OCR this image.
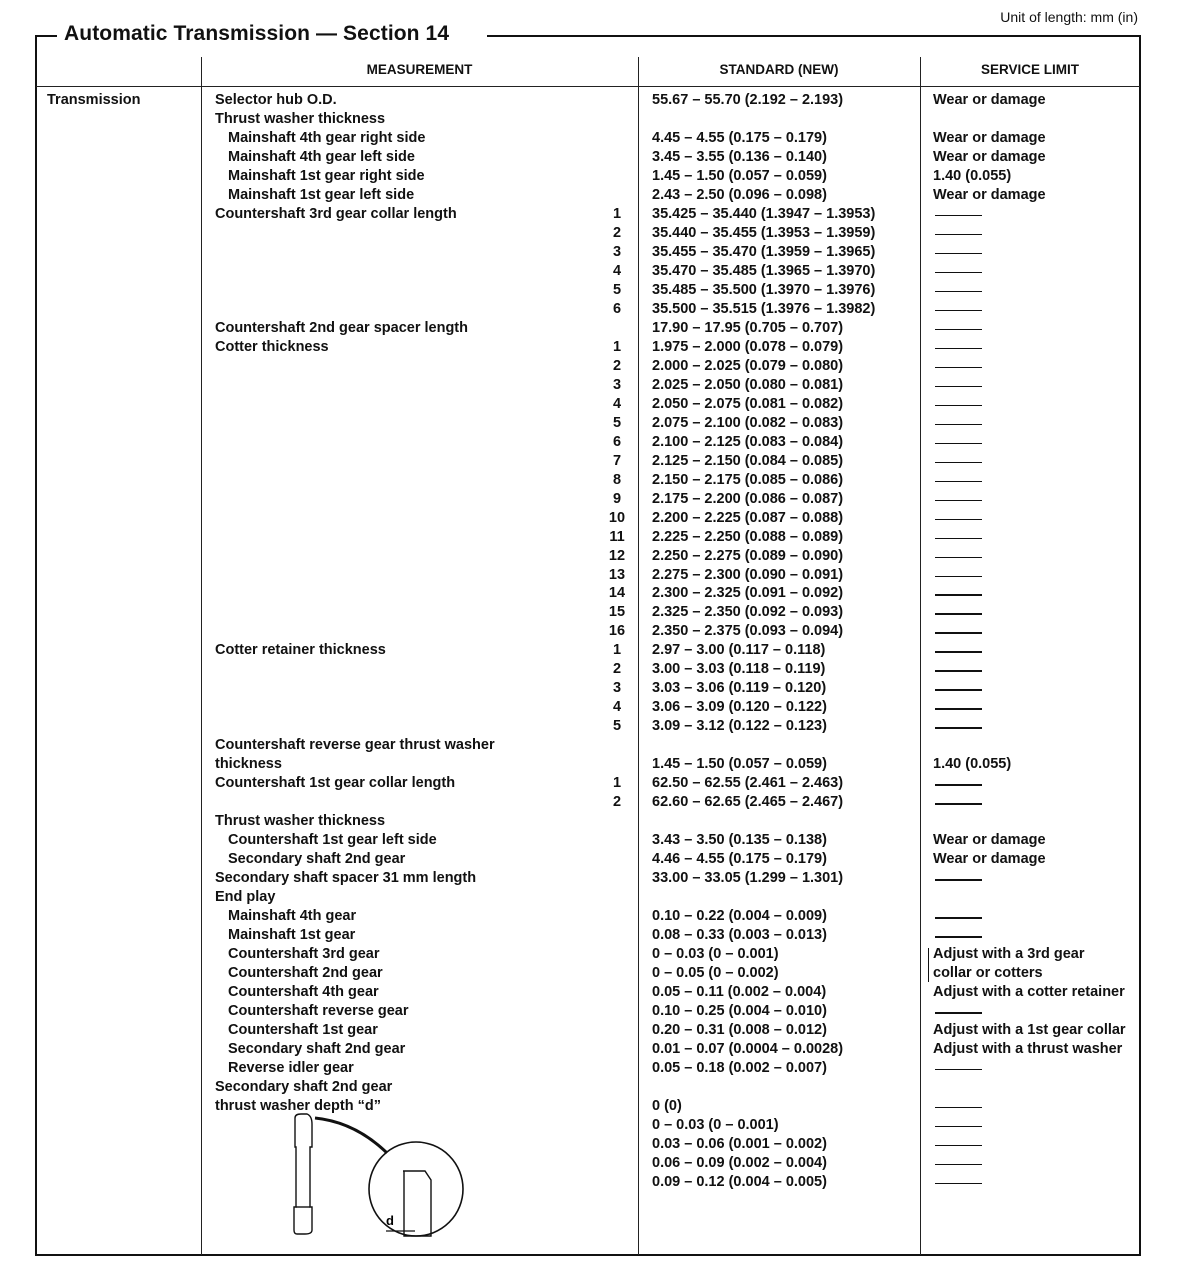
Unit of length: mm (in)
Automatic Transmission — Section 14
MEASUREMENT	STANDARD (NEW)	SERVICE LIMIT
Transmission	Selector hub O.D.	55.67 – 55.70 (2.192 – 2.193)	Wear or damage
Thrust washer thickness
Mainshaft 4th gear right side	4.45 – 4.55 (0.175 – 0.179)	Wear or damage
Mainshaft 4th gear left side	3.45 – 3.55 (0.136 – 0.140)	Wear or damage
Mainshaft 1st gear right side	1.45 – 1.50 (0.057 – 0.059)	1.40 (0.055)
Mainshaft 1st gear left side	2.43 – 2.50 (0.096 – 0.098)	Wear or damage
Countershaft 3rd gear collar length	1	35.425 – 35.440 (1.3947 – 1.3953)
2	35.440 – 35.455 (1.3953 – 1.3959)
3	35.455 – 35.470 (1.3959 – 1.3965)
4	35.470 – 35.485 (1.3965 – 1.3970)
5	35.485 – 35.500 (1.3970 – 1.3976)
6	35.500 – 35.515 (1.3976 – 1.3982)
Countershaft 2nd gear spacer length	17.90 – 17.95 (0.705 – 0.707)
Cotter thickness	1	1.975 – 2.000 (0.078 – 0.079)
2	2.000 – 2.025 (0.079 – 0.080)
3	2.025 – 2.050 (0.080 – 0.081)
4	2.050 – 2.075 (0.081 – 0.082)
5	2.075 – 2.100 (0.082 – 0.083)
6	2.100 – 2.125 (0.083 – 0.084)
7	2.125 – 2.150 (0.084 – 0.085)
8	2.150 – 2.175 (0.085 – 0.086)
9	2.175 – 2.200 (0.086 – 0.087)
10 2.200 – 2.225 (0.087 – 0.088)
11 2.225 – 2.250 (0.088 – 0.089)
12 2.250 – 2.275 (0.089 – 0.090)
13 2.275 – 2.300 (0.090 – 0.091)
14 2.300 – 2.325 (0.091 – 0.092)
15 2.325 – 2.350 (0.092 – 0.093)
16 2.350 – 2.375 (0.093 – 0.094)
Cotter retainer thickness	1	2.97 – 3.00 (0.117 – 0.118)
2	3.00 – 3.03 (0.118 – 0.119)
3	3.03 – 3.06 (0.119 – 0.120)
4	3.06 – 3.09 (0.120 – 0.122)
5	3.09 – 3.12 (0.122 – 0.123)
Countershaft reverse gear thrust washer
thickness	1.45 – 1.50 (0.057 – 0.059)	1.40 (0.055)
Countershaft 1st gear collar length	1	62.50 – 62.55 (2.461 – 2.463)
2	62.60 – 62.65 (2.465 – 2.467)
Thrust washer thickness
Countershaft 1st gear left side	3.43 – 3.50 (0.135 – 0.138)	Wear or damage
Secondary shaft 2nd gear	4.46 – 4.55 (0.175 – 0.179)	Wear or damage
Secondary shaft spacer 31 mm length	33.00 – 33.05 (1.299 – 1.301)
End play
Mainshaft 4th gear	0.10 – 0.22 (0.004 – 0.009)
Mainshaft 1st gear	0.08 – 0.33 (0.003 – 0.013)
Countershaft 3rd gear	0 – 0.03 (0 – 0.001)	Adjust with a 3rd gear
Countershaft 2nd gear	0 – 0.05 (0 – 0.002)	collar or cotters
Countershaft 4th gear	0.05 – 0.11 (0.002 – 0.004)	Adjust with a cotter retainer
Countershaft reverse gear	0.10 – 0.25 (0.004 – 0.010)
Countershaft 1st gear	0.20 – 0.31 (0.008 – 0.012)	Adjust with a 1st gear collar
Secondary shaft 2nd gear	0.01 – 0.07 (0.0004 – 0.0028)	Adjust with a thrust washer
Reverse idler gear	0.05 – 0.18 (0.002 – 0.007)
Secondary shaft 2nd gear
thrust washer depth “d”	0 (0)
0 – 0.03 (0 – 0.001)
0.03 – 0.06 (0.001 – 0.002)
0.06 – 0.09 (0.002 – 0.004)
0.09 – 0.12 (0.004 – 0.005)
d
